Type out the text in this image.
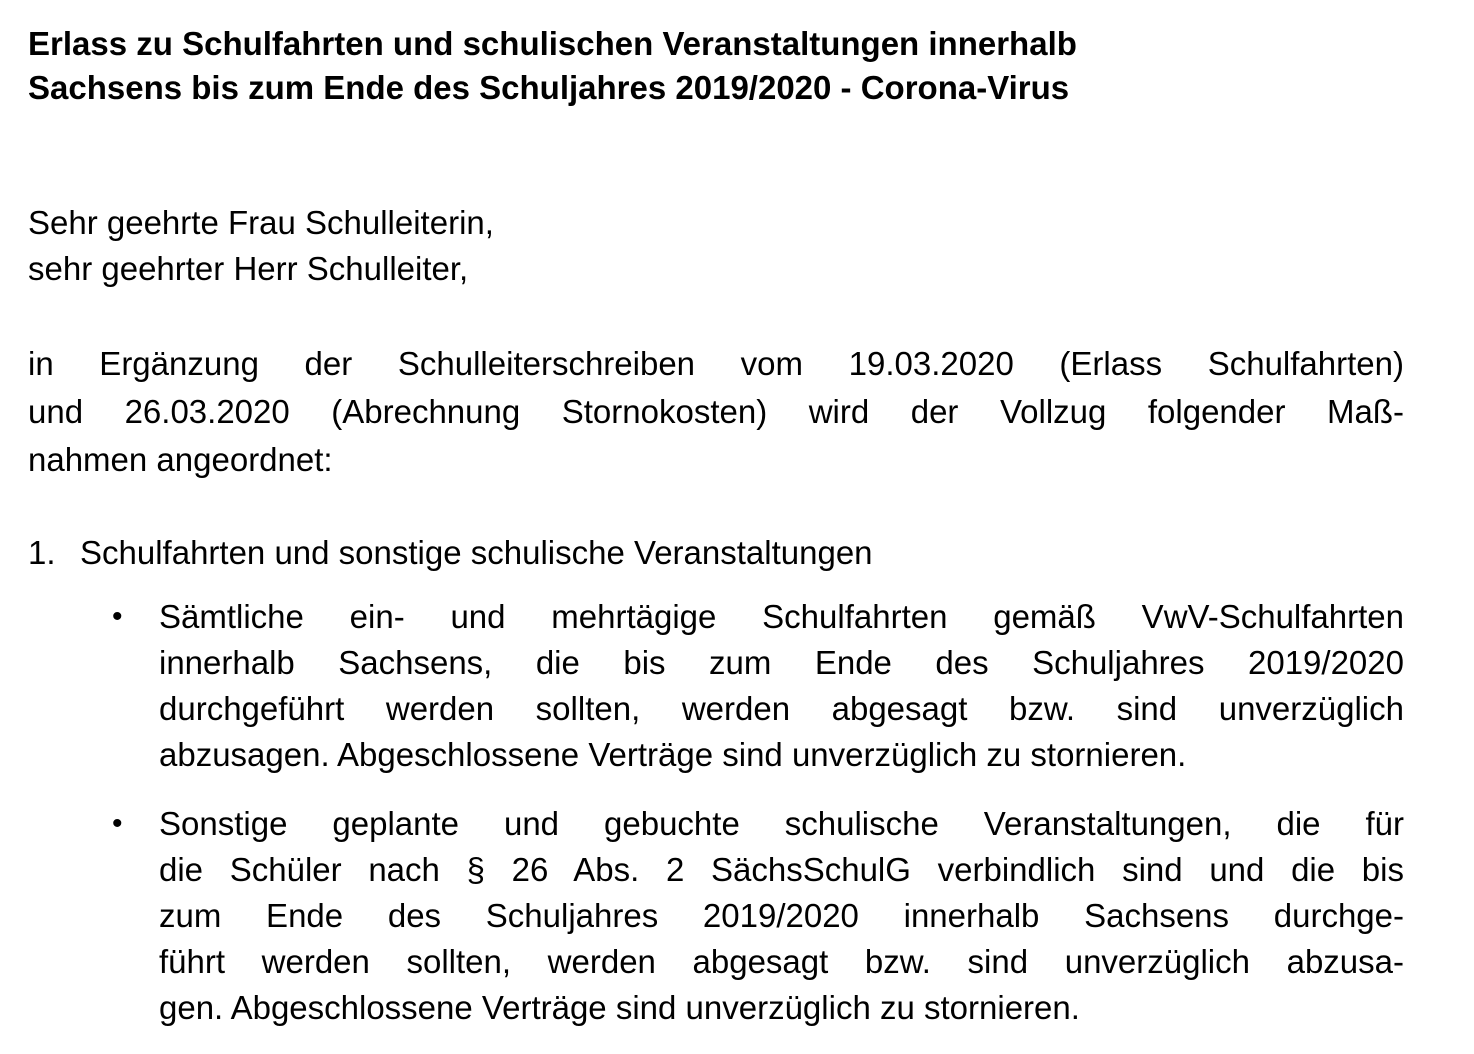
Erlass zu Schulfahrten und schulischen Veranstaltungen innerhalb
Sachsens bis zum Ende des Schuljahres 2019/2020 - Corona-Virus

Sehr geehrte Frau Schulleiterin,
sehr geehrter Herr Schulleiter,

in Ergänzung der Schulleiterschreiben vom 19.03.2020 (Erlass Schulfahrten)
und 26.03.2020 (Abrechnung Stornokosten) wird der Vollzug folgender Maß-
nahmen angeordnet:

1. Schulfahrten und sonstige schulische Veranstaltungen
• Sämtliche ein- und mehrtägige Schulfahrten gemäß VwV-Schulfahrten
innerhalb Sachsens, die bis zum Ende des Schuljahres 2019/2020
durchgeführt werden sollten, werden abgesagt bzw. sind unverzüglich
abzusagen. Abgeschlossene Verträge sind unverzüglich zu stornieren.
• Sonstige geplante und gebuchte schulische Veranstaltungen, die für
die Schüler nach § 26 Abs. 2 SächsSchulG verbindlich sind und die bis
zum Ende des Schuljahres 2019/2020 innerhalb Sachsens durchge-
führt werden sollten, werden abgesagt bzw. sind unverzüglich abzusa-
gen. Abgeschlossene Verträge sind unverzüglich zu stornieren.
